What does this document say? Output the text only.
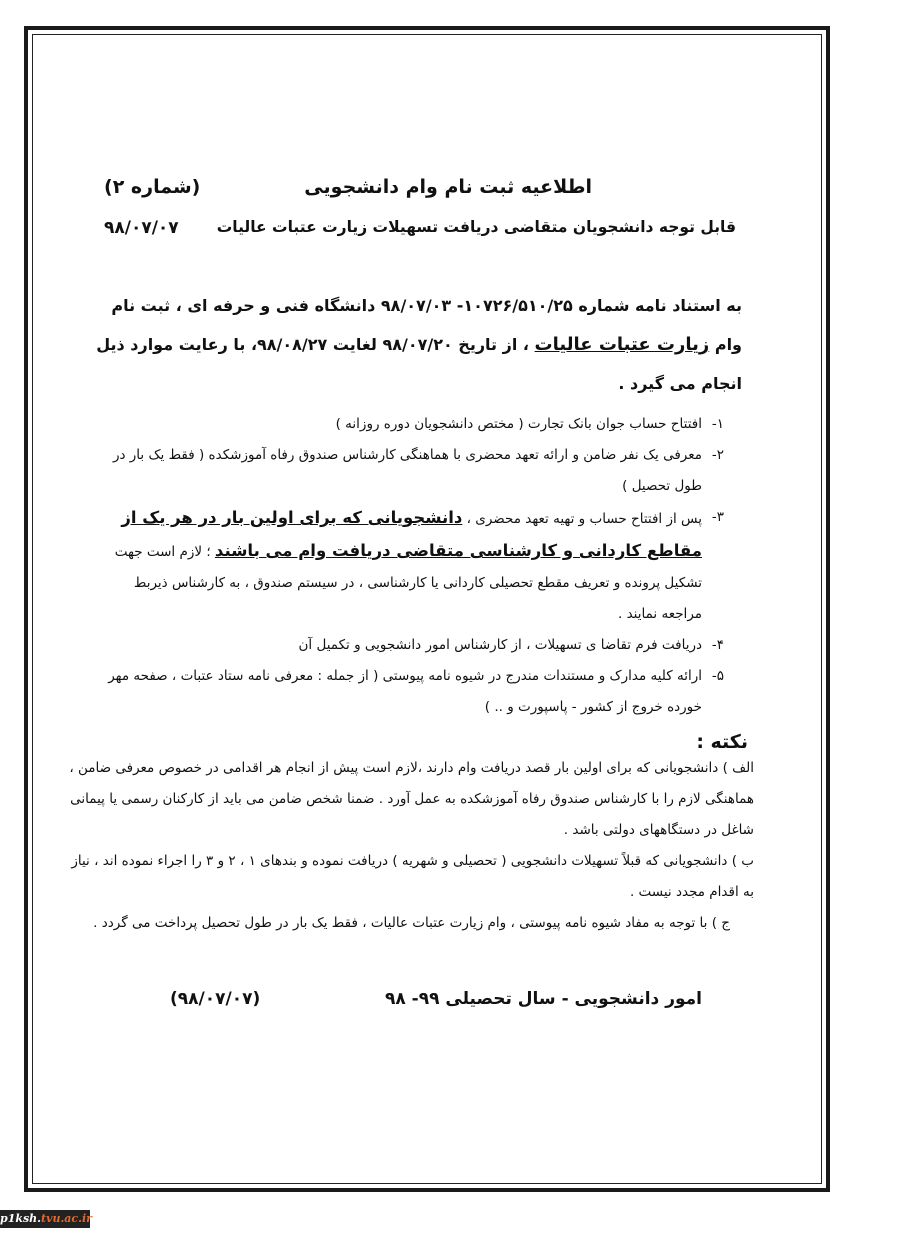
اطلاعیه ثبت نام وام دانشجویی
(شماره ۲)
قابل توجه دانشجویان متقاضی دریافت تسهیلات زیارت عتبات عالیات
۹۸/۰۷/۰۷
به استناد نامه شماره ۱۰۷۲۶/۵۱۰/۲۵- ۹۸/۰۷/۰۳ دانشگاه فنی و حرفه ای ، ثبت نام وام زیارت عتبات عالیات ، از تاریخ ۹۸/۰۷/۲۰ لغایت ۹۸/۰۸/۲۷، با رعایت موارد ذیل انجام می گیرد .
۱-
افتتاح حساب جوان بانک تجارت ( مختص دانشجویان دوره روزانه )
۲-
معرفی یک نفر ضامن و ارائه تعهد محضری با هماهنگی کارشناس صندوق رفاه آموزشکده ( فقط یک بار در طول تحصیل )
۳-
پس از افتتاح حساب و تهیه تعهد محضری ، دانشجویانی که برای اولین بار در هر یک از مقاطع کاردانی و کارشناسی متقاضی دریافت وام می باشند ؛ لازم است جهت تشکیل پرونده و تعریف مقطع تحصیلی کاردانی یا کارشناسی ، در سیستم صندوق ، به کارشناس ذیربط مراجعه نمایند .
۴-
دریافت فرم تقاضا ی تسهیلات ، از کارشناس امور دانشجویی و تکمیل آن
۵-
ارائه کلیه مدارک و مستندات مندرج در شیوه نامه پیوستی ( از جمله : معرفی نامه ستاد عتبات ، صفحه مهر خورده خروج از کشور - پاسپورت و .. )
نکته :

الف ) دانشجویانی که برای اولین بار قصد دریافت وام دارند ،لازم است پیش از انجام هر اقدامی در خصوص معرفی ضامن ، هماهنگی لازم را با کارشناس صندوق رفاه آموزشکده به عمل آورد . ضمنا شخص ضامن می باید از کارکنان رسمی یا پیمانی شاغل در دستگاههای دولتی باشد .

ب ) دانشجویانی که قبلاً تسهیلات دانشجویی ( تحصیلی و شهریه ) دریافت نموده و بندهای ۱ ، ۲ و ۳ را اجراء نموده اند ، نیاز به اقدام مجدد نیست .

ج ) با توجه به مفاد شیوه نامه پیوستی ، وام زیارت عتبات عالیات ، فقط یک بار در طول تحصیل پرداخت می گردد .

امور دانشجویی - سال تحصیلی ۹۹- ۹۸
(۹۸/۰۷/۰۷)
p1ksh.tvu.ac.ir
